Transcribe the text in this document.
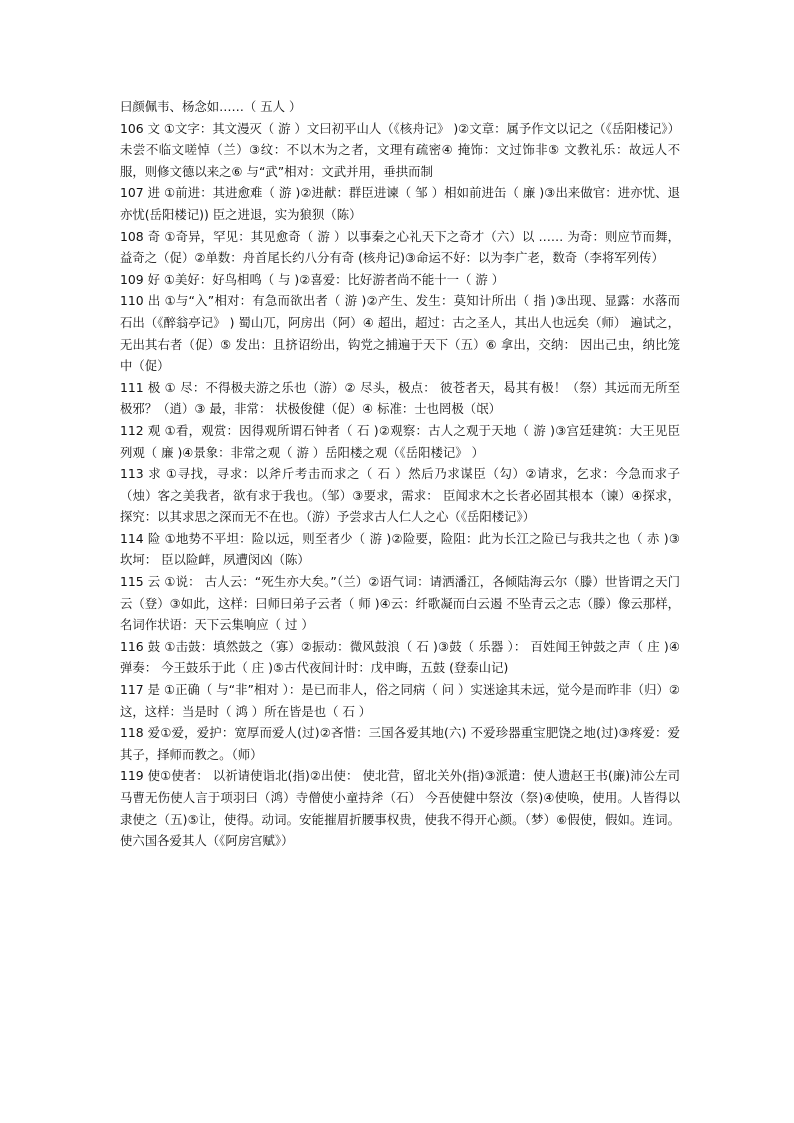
曰颜佩韦、杨念如……（ 五人 ）

106 文 ①文字：其文漫灭（ 游 ）文曰初平山人（《核舟记》 )②文章：属予作文以记之（《岳阳楼记》） 未尝不临文嗟悼（兰）③纹：不以木为之者，文理有疏密④ 掩饰：文过饰非⑤ 文教礼乐：故远人不服，则修文德以来之⑥ 与“武”相对：文武并用，垂拱而制

107 进 ①前进：其进愈难（ 游 )②进献：群臣进谏（ 邹 ）相如前进缶（ 廉 )③出来做官：进亦忧、退亦忧(岳阳楼记)) 臣之进退，实为狼狈（陈）

108 奇 ①奇异，罕见：其见愈奇（ 游 ）以事秦之心礼天下之奇才（六）以 …… 为奇：则应节而舞，益奇之（促）②单数：舟首尾长约八分有奇 (核舟记)③命运不好：以为李广老，数奇（李将军列传）

109 好 ①美好：好鸟相鸣（ 与 )②喜爱：比好游者尚不能十一（ 游 ）

110 出 ①与“入”相对：有急而欲出者（ 游 )②产生、发生：莫知计所出（ 指 )③出现、显露：水落而石出（《醉翁亭记》 ) 蜀山兀，阿房出（阿）④ 超出，超过：古之圣人，其出人也远矣（师） 遍试之，无出其右者（促）⑤ 发出：且挤诏纷出，钩党之捕遍于天下（五）⑥ 拿出，交纳： 因出己虫，纳比笼中（促）

111 极 ① 尽：不得极夫游之乐也（游）② 尽头，极点： 彼苍者天，曷其有极！（祭）其远而无所至极邪？（逍）③ 最，非常： 状极俊健（促）④ 标准：士也罔极（氓）

112 观 ①看，观赏：因得观所谓石钟者（ 石 )②观察：古人之观于天地（ 游 )③宫廷建筑：大王见臣列观（ 廉 )④景象：非常之观（ 游 ）岳阳楼之观（《岳阳楼记》 ）

113 求 ①寻找，寻求：以斧斤考击而求之（ 石 ）然后乃求谋臣（勾）②请求，乞求：今急而求子（烛）客之美我者，欲有求于我也。（邹）③要求，需求： 臣闻求木之长者必固其根本（谏）④探求，探究：以其求思之深而无不在也。（游）予尝求古人仁人之心（《岳阳楼记》）

114 险 ①地势不平坦：险以远，则至者少（ 游 )②险要，险阻：此为长江之险已与我共之也（ 赤 )③坎坷： 臣以险衅，夙遭闵凶（陈）

115 云 ①说： 古人云：“死生亦大矣。”（兰）②语气词：请洒潘江，各倾陆海云尔（滕）世皆谓之天门云（登）③如此，这样：曰师曰弟子云者（ 师 )④云：纤歌凝而白云遏 不坠青云之志（滕）像云那样，名词作状语：天下云集响应（ 过 ）

116 鼓 ①击鼓：填然鼓之（寡）②振动：微风鼓浪（ 石 )③鼓（ 乐器 ）： 百姓闻王钟鼓之声（ 庄 )④弹奏： 今王鼓乐于此（ 庄 )⑤古代夜间计时：戊申晦，五鼓 (登泰山记)

117 是 ①正确（ 与“非”相对 ）：是已而非人，俗之同病（ 问 ）实迷途其未远，觉今是而昨非（归）②这，这样：当是时（ 鸿 ）所在皆是也（ 石 ）

118 爱①爱，爱护：宽厚而爱人(过)②吝惜：三国各爱其地(六) 不爱珍器重宝肥饶之地(过)③疼爱：爱其子，择师而教之。（师）

119 使①使者： 以祈请使诣北(指)②出使： 使北营，留北关外(指)③派遣：使人遗赵王书(廉)沛公左司马曹无伤使人言于项羽曰（鸿）寺僧使小童持斧（石） 今吾使健中祭汝（祭)④使唤，使用。人皆得以隶使之（五)⑤让，使得。动词。安能摧眉折腰事权贵，使我不得开心颜。（梦）⑥假使，假如。连词。使六国各爱其人（《阿房宫赋》）
